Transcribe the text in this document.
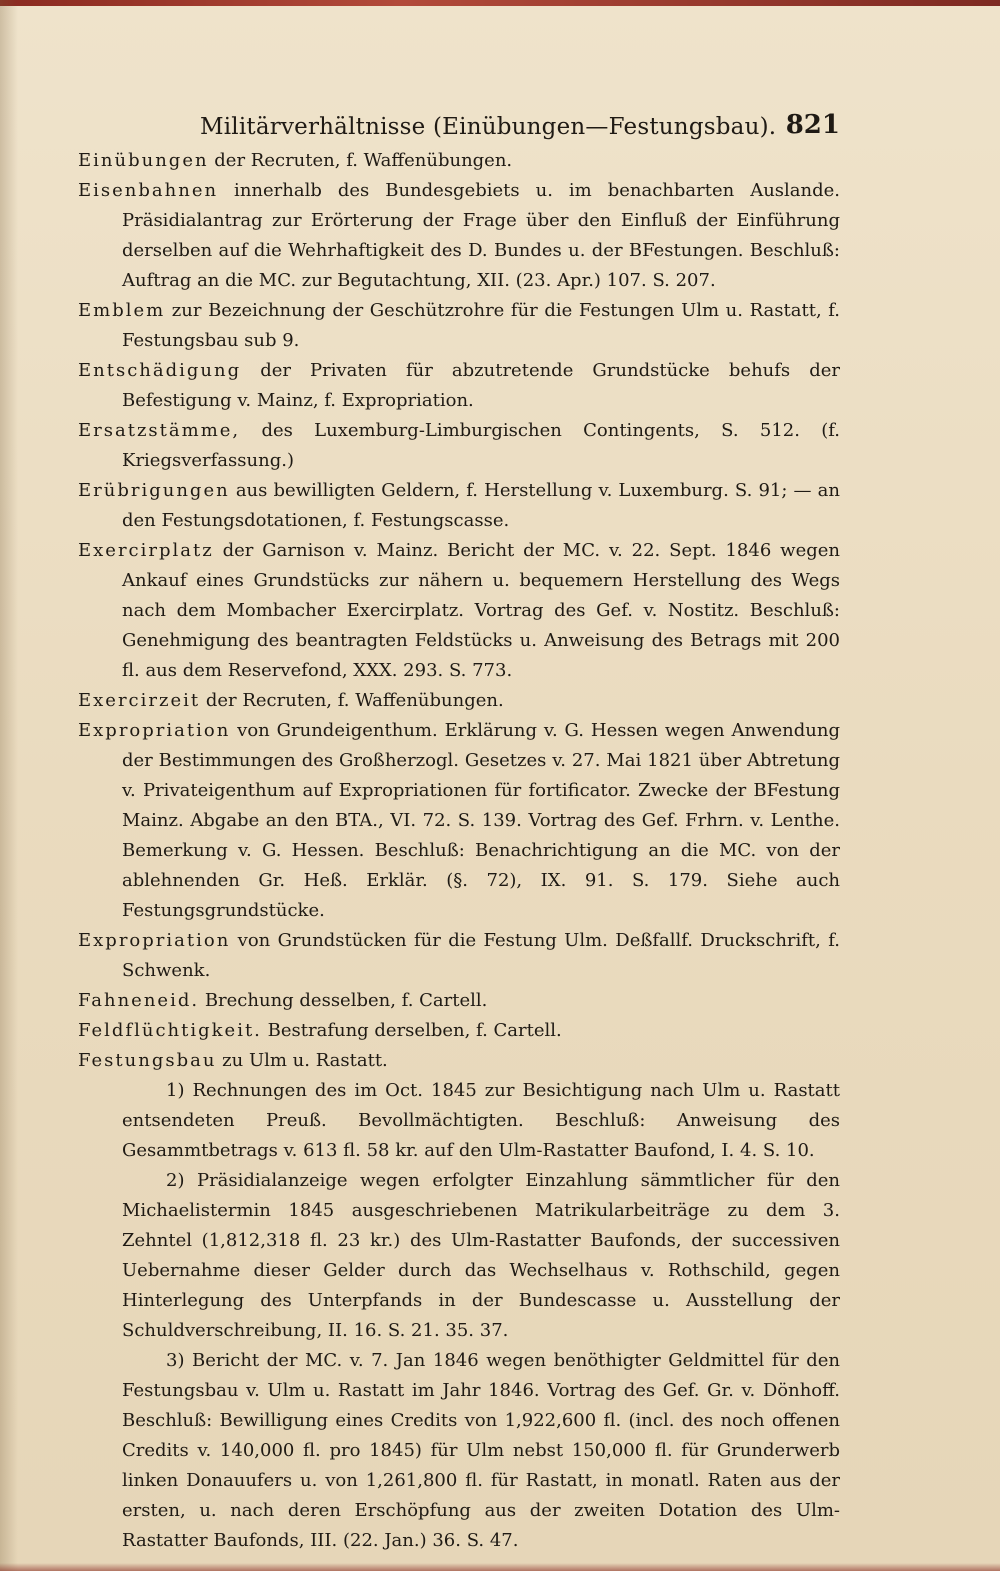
Militärverhältnisse (Einübungen—Festungsbau). 821

Einübungen der Recruten, f. Waffenübungen.

Eisenbahnen innerhalb des Bundesgebiets u. im benachbarten Auslande. Präsidialantrag zur Erörterung der Frage über den Einfluß der Einführung derselben auf die Wehrhaftigkeit des D. Bundes u. der BFestungen. Beschluß: Auftrag an die MC. zur Begutachtung, XII. (23. Apr.) 107. S. 207.

Emblem zur Bezeichnung der Geschützrohre für die Festungen Ulm u. Rastatt, f. Festungsbau sub 9.

Entschädigung der Privaten für abzutretende Grundstücke behufs der Befestigung v. Mainz, f. Expropriation.

Ersatzstämme, des Luxemburg-Limburgischen Contingents, S. 512. (f. Kriegsverfassung.)

Erübrigungen aus bewilligten Geldern, f. Herstellung v. Luxemburg. S. 91; — an den Festungsdotationen, f. Festungscasse.

Exercirplatz der Garnison v. Mainz. Bericht der MC. v. 22. Sept. 1846 wegen Ankauf eines Grundstücks zur nähern u. bequemern Herstellung des Wegs nach dem Mombacher Exercirplatz. Vortrag des Gef. v. Nostitz. Beschluß: Genehmigung des beantragten Feldstücks u. Anweisung des Betrags mit 200 fl. aus dem Reservefond, XXX. 293. S. 773.

Exercirzeit der Recruten, f. Waffenübungen.

Expropriation von Grundeigenthum. Erklärung v. G. Hessen wegen Anwendung der Bestimmungen des Großherzogl. Gesetzes v. 27. Mai 1821 über Abtretung v. Privateigenthum auf Expropriationen für fortificator. Zwecke der BFestung Mainz. Abgabe an den BTA., VI. 72. S. 139. Vortrag des Gef. Frhrn. v. Lenthe. Bemerkung v. G. Hessen. Beschluß: Benachrichtigung an die MC. von der ablehnenden Gr. Heß. Erklär. (§. 72), IX. 91. S. 179. Siehe auch Festungsgrundstücke.

Expropriation von Grundstücken für die Festung Ulm. Deßfallf. Druckschrift, f. Schwenk.

Fahneneid. Brechung desselben, f. Cartell.

Feldflüchtigkeit. Bestrafung derselben, f. Cartell.

Festungsbau zu Ulm u. Rastatt.

1) Rechnungen des im Oct. 1845 zur Besichtigung nach Ulm u. Rastatt entsendeten Preuß. Bevollmächtigten. Beschluß: Anweisung des Gesammtbetrags v. 613 fl. 58 kr. auf den Ulm-Rastatter Baufond, I. 4. S. 10.

2) Präsidialanzeige wegen erfolgter Einzahlung sämmtlicher für den Michaelistermin 1845 ausgeschriebenen Matrikularbeiträge zu dem 3. Zehntel (1,812,318 fl. 23 kr.) des Ulm-Rastatter Baufonds, der successiven Uebernahme dieser Gelder durch das Wechselhaus v. Rothschild, gegen Hinterlegung des Unterpfands in der Bundescasse u. Ausstellung der Schuldverschreibung, II. 16. S. 21. 35. 37.

3) Bericht der MC. v. 7. Jan 1846 wegen benöthigter Geldmittel für den Festungsbau v. Ulm u. Rastatt im Jahr 1846. Vortrag des Gef. Gr. v. Dönhoff. Beschluß: Bewilligung eines Credits von 1,922,600 fl. (incl. des noch offenen Credits v. 140,000 fl. pro 1845) für Ulm nebst 150,000 fl. für Grunderwerb linken Donauufers u. von 1,261,800 fl. für Rastatt, in monatl. Raten aus der ersten, u. nach deren Erschöpfung aus der zweiten Dotation des Ulm-Rastatter Baufonds, III. (22. Jan.) 36. S. 47.
